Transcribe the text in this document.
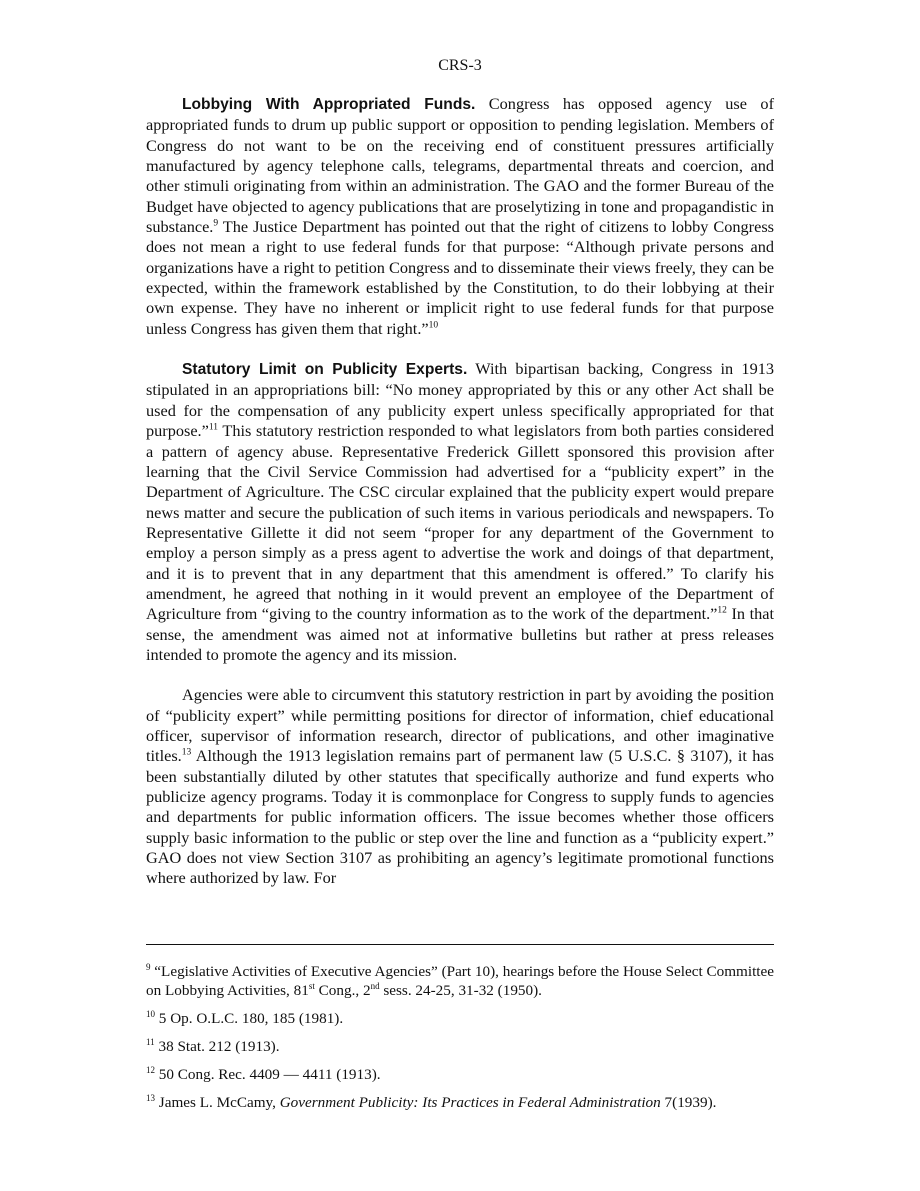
CRS-3

Lobbying With Appropriated Funds. Congress has opposed agency use of appropriated funds to drum up public support or opposition to pending legislation. Members of Congress do not want to be on the receiving end of constituent pressures artificially manufactured by agency telephone calls, telegrams, departmental threats and coercion, and other stimuli originating from within an administration. The GAO and the former Bureau of the Budget have objected to agency publications that are proselytizing in tone and propagandistic in substance.$^9$ The Justice Department has pointed out that the right of citizens to lobby Congress does not mean a right to use federal funds for that purpose: “Although private persons and organizations have a right to petition Congress and to disseminate their views freely, they can be expected, within the framework established by the Constitution, to do their lobbying at their own expense. They have no inherent or implicit right to use federal funds for that purpose unless Congress has given them that right.”$^{10}$

Statutory Limit on Publicity Experts. With bipartisan backing, Congress in 1913 stipulated in an appropriations bill: “No money appropriated by this or any other Act shall be used for the compensation of any publicity expert unless specifically appropriated for that purpose.”$^{11}$ This statutory restriction responded to what legislators from both parties considered a pattern of agency abuse. Representative Frederick Gillett sponsored this provision after learning that the Civil Service Commission had advertised for a “publicity expert” in the Department of Agriculture. The CSC circular explained that the publicity expert would prepare news matter and secure the publication of such items in various periodicals and newspapers. To Representative Gillette it did not seem “proper for any department of the Government to employ a person simply as a press agent to advertise the work and doings of that department, and it is to prevent that in any department that this amendment is offered.” To clarify his amendment, he agreed that nothing in it would prevent an employee of the Department of Agriculture from “giving to the country information as to the work of the department.”$^{12}$ In that sense, the amendment was aimed not at informative bulletins but rather at press releases intended to promote the agency and its mission.

Agencies were able to circumvent this statutory restriction in part by avoiding the position of “publicity expert” while permitting positions for director of information, chief educational officer, supervisor of information research, director of publications, and other imaginative titles.$^{13}$ Although the 1913 legislation remains part of permanent law (5 U.S.C. § 3107), it has been substantially diluted by other statutes that specifically authorize and fund experts who publicize agency programs. Today it is commonplace for Congress to supply funds to agencies and departments for public information officers. The issue becomes whether those officers supply basic information to the public or step over the line and function as a “publicity expert.” GAO does not view Section 3107 as prohibiting an agency’s legitimate promotional functions where authorized by law. For

$^9$ “Legislative Activities of Executive Agencies” (Part 10), hearings before the House Select Committee on Lobbying Activities, 81st Cong., 2nd sess. 24-25, 31-32 (1950).

$^{10}$ 5 Op. O.L.C. 180, 185 (1981).

$^{11}$ 38 Stat. 212 (1913).

$^{12}$ 50 Cong. Rec. 4409 — 4411 (1913).

$^{13}$ James L. McCamy, Government Publicity: Its Practices in Federal Administration 7(1939).
